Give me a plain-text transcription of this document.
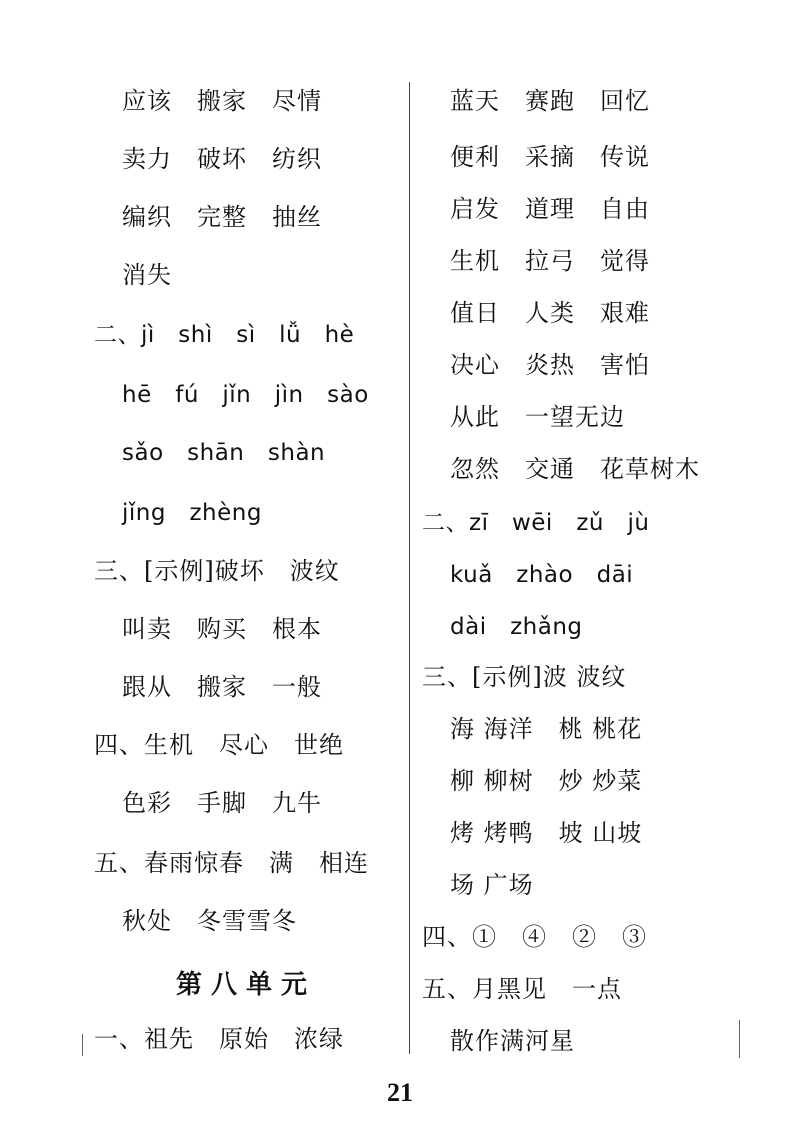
应该　搬家　尽情
卖力　破坏　纺织
编织　完整　抽丝
消失
二、jì　shì　sì　lǚ　hè
hē　fú　jǐn　jìn　sào
sǎo　shān　shàn
jǐng　zhèng
三、[示例]破坏　波纹
叫卖　购买　根本
跟从　搬家　一般
四、生机　尽心　世绝
色彩　手脚　九牛
五、春雨惊春　满　相连
秋处　冬雪雪冬
第八单元
一、祖先　原始　浓绿
蓝天　赛跑　回忆
便利　采摘　传说
启发　道理　自由
生机　拉弓　觉得
值日　人类　艰难
决心　炎热　害怕
从此　一望无边
忽然　交通　花草树木
二、zī　wēi　zǔ　jù
kuǎ　zhào　dāi
dài　zhǎng
三、[示例]波 波纹
海 海洋　桃 桃花
柳 柳树　炒 炒菜
烤 烤鸭　坡 山坡
场 广场
四、①　④　②　③
五、月黑见　一点
散作满河星
21
